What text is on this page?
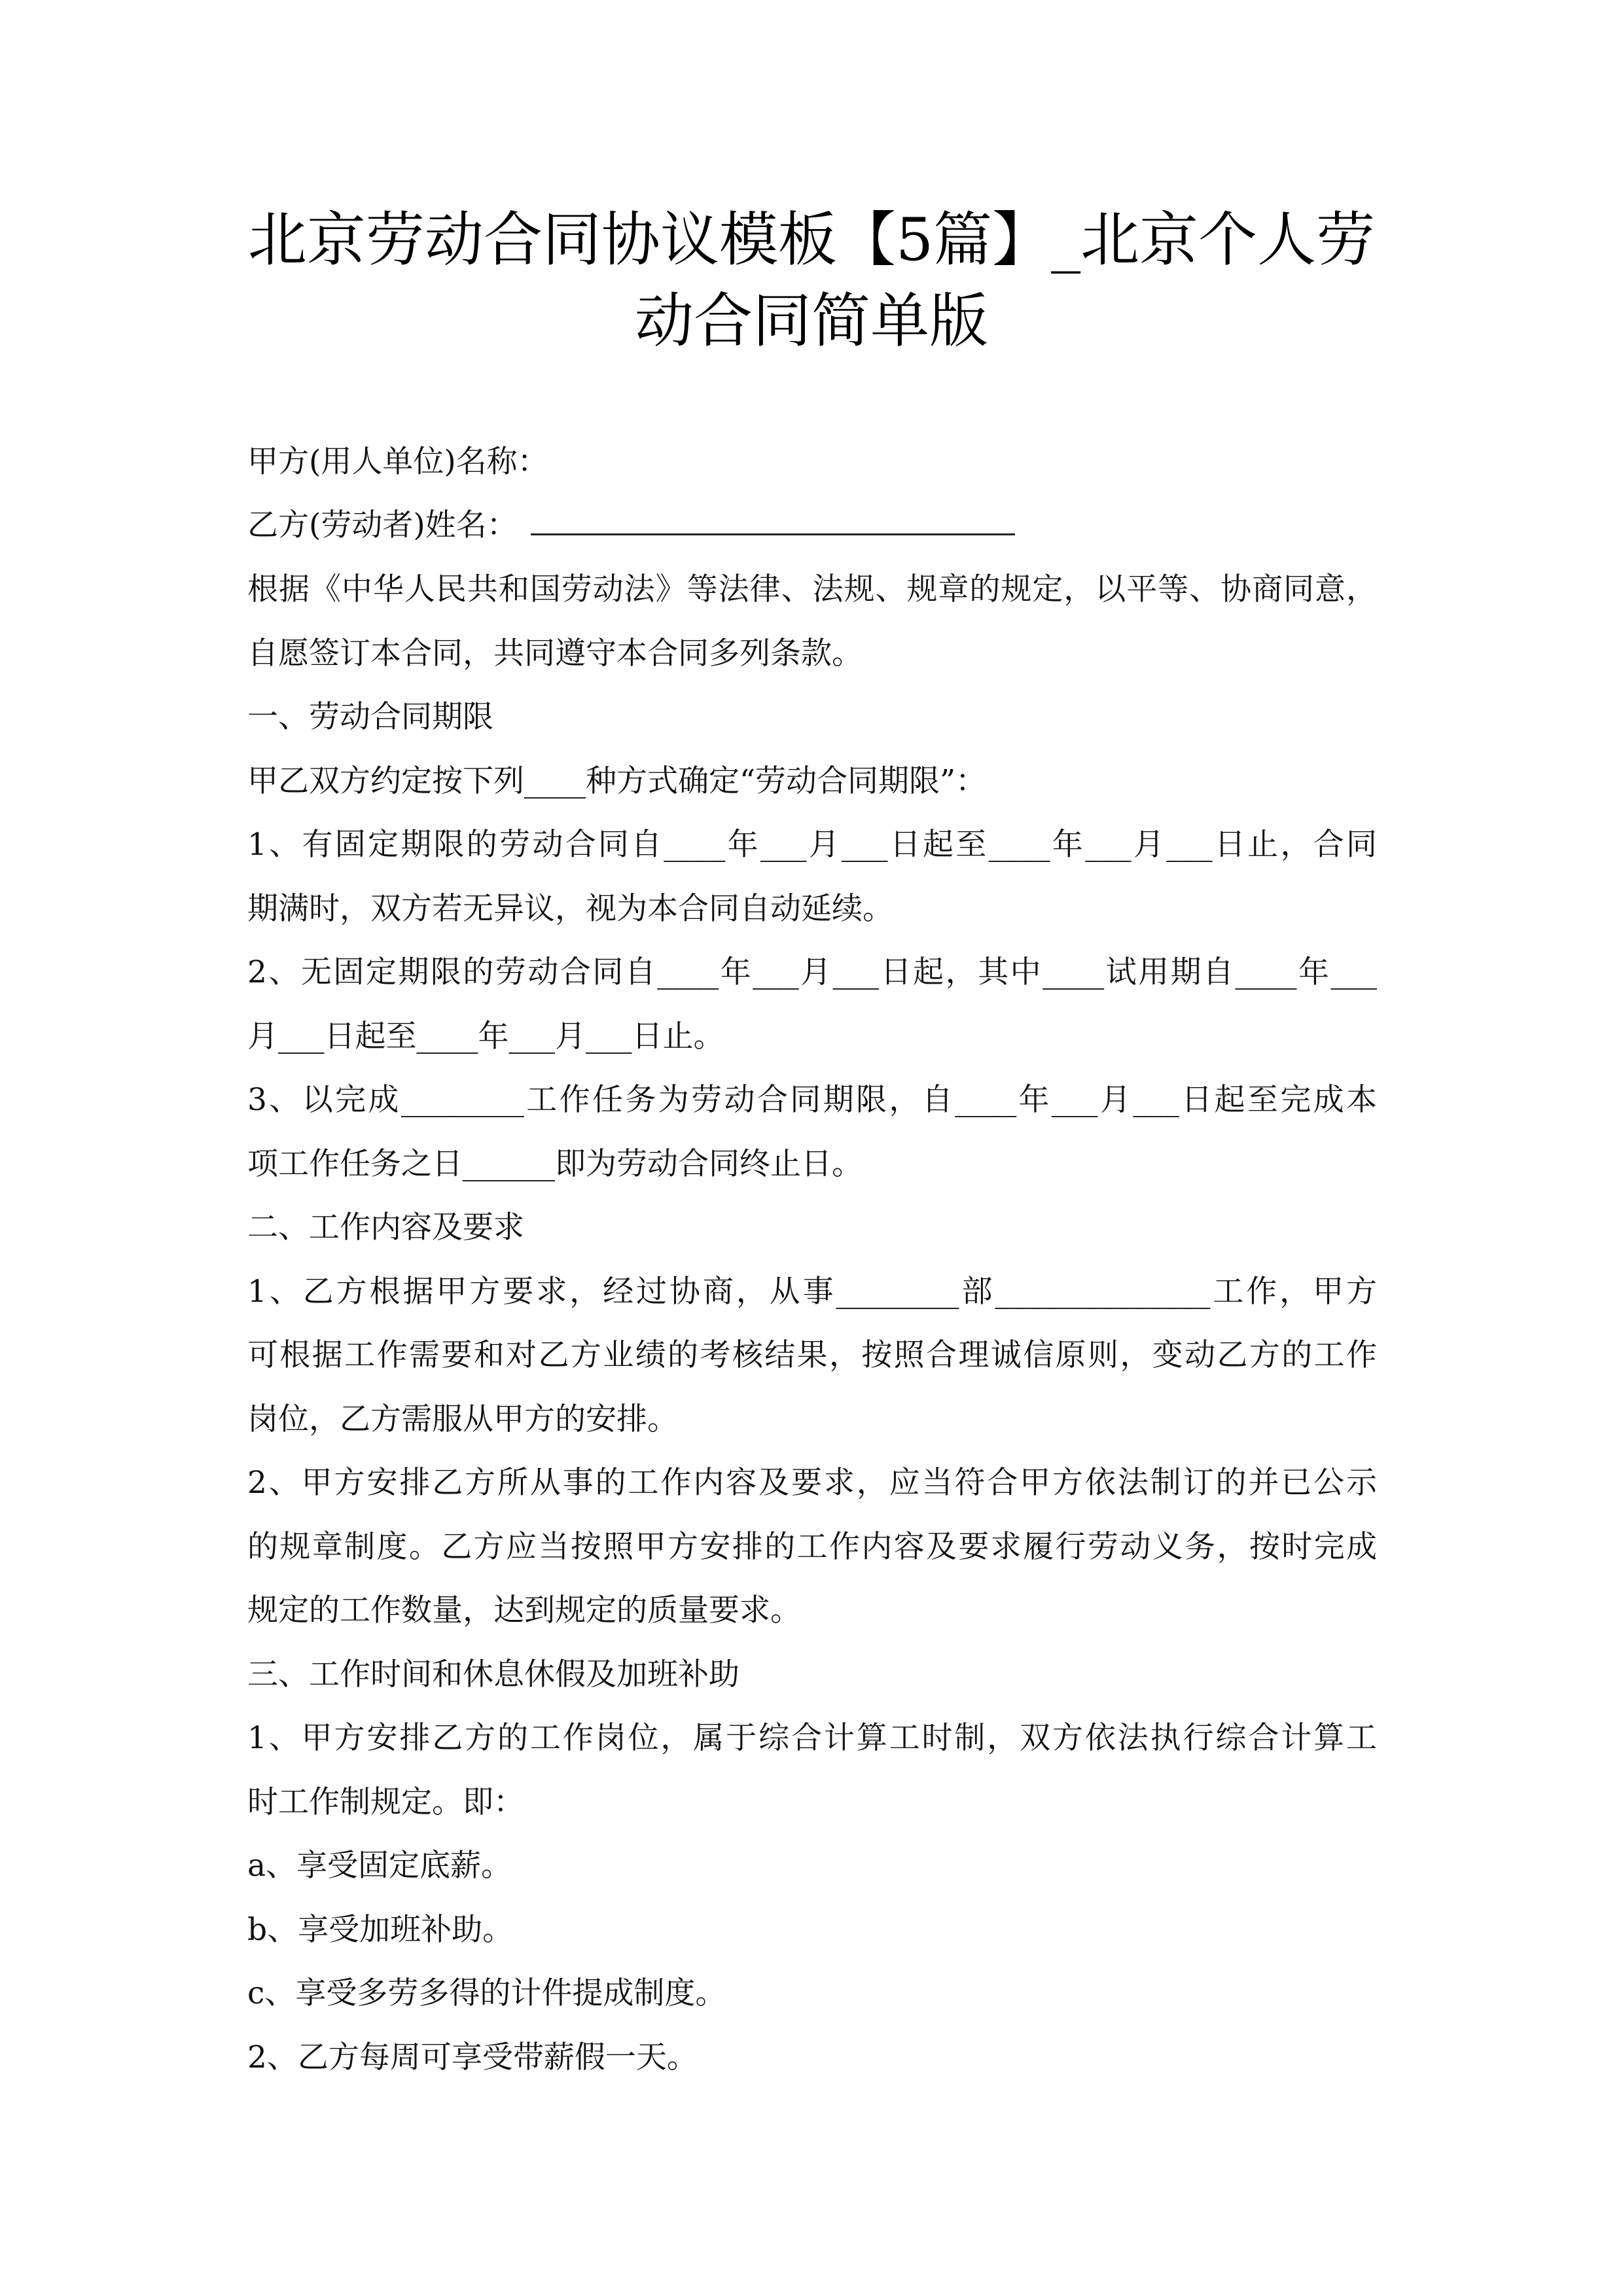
北京劳动合同协议模板【5篇】_北京个人劳
动合同简单版
甲方(用人单位)名称：
乙方(劳动者)姓名：
根据《中华人民共和国劳动法》等法律、法规、规章的规定，以平等、协商同意，
自愿签订本合同，共同遵守本合同多列条款。
一、劳动合同期限
甲乙双方约定按下列____种方式确定“劳动合同期限”：
1、有固定期限的劳动合同自____年___月___日起至____年___月___日止，合同
期满时，双方若无异议，视为本合同自动延续。
2、无固定期限的劳动合同自____年___月___日起，其中____试用期自____年___
月___日起至____年___月___日止。
3、以完成________工作任务为劳动合同期限，自____年___月___日起至完成本
项工作任务之日______即为劳动合同终止日。
二、工作内容及要求
1、乙方根据甲方要求，经过协商，从事________部______________工作，甲方
可根据工作需要和对乙方业绩的考核结果，按照合理诚信原则，变动乙方的工作
岗位，乙方需服从甲方的安排。
2、甲方安排乙方所从事的工作内容及要求，应当符合甲方依法制订的并已公示
的规章制度。乙方应当按照甲方安排的工作内容及要求履行劳动义务，按时完成
规定的工作数量，达到规定的质量要求。
三、工作时间和休息休假及加班补助
1、甲方安排乙方的工作岗位，属于综合计算工时制，双方依法执行综合计算工
时工作制规定。即：
a、享受固定底薪。
b、享受加班补助。
c、享受多劳多得的计件提成制度。
2、乙方每周可享受带薪假一天。
